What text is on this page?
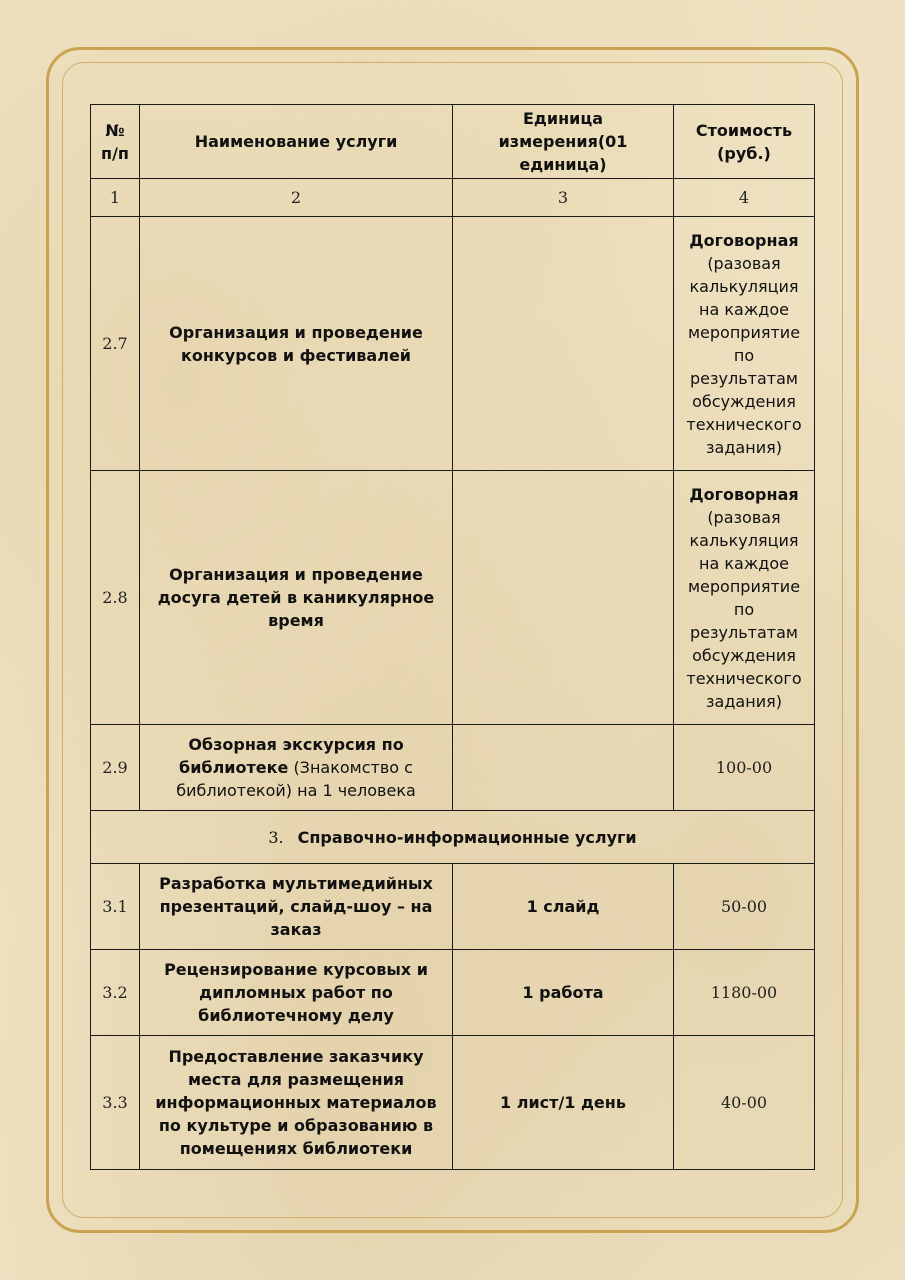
№ п/п	Наименование услуги	Единица измерения(01 единица)	Стоимость (руб.)
1	2	3	4
2.7	Организация и проведение конкурсов и фестивалей		Договорная
(разовая калькуляция на каждое мероприятие по результатам обсуждения технического задания)

2.8	Организация и проведение досуга детей в каникулярное время		Договорная
(разовая калькуляция на каждое мероприятие по результатам обсуждения технического задания)

2.9	Обзорная экскурсия по библиотеке (Знакомство с библиотекой) на 1 человека		100-00
3. Справочно-информационные услуги			
3.1	Разработка мультимедийных презентаций, слайд-шоу – на заказ	1 слайд	50-00
3.2	Рецензирование курсовых и дипломных работ по библиотечному делу	1 работа	1180-00
3.3	Предоставление заказчику места для размещения информационных материалов по культуре и образованию в помещениях библиотеки	1 лист/1 день	40-00
